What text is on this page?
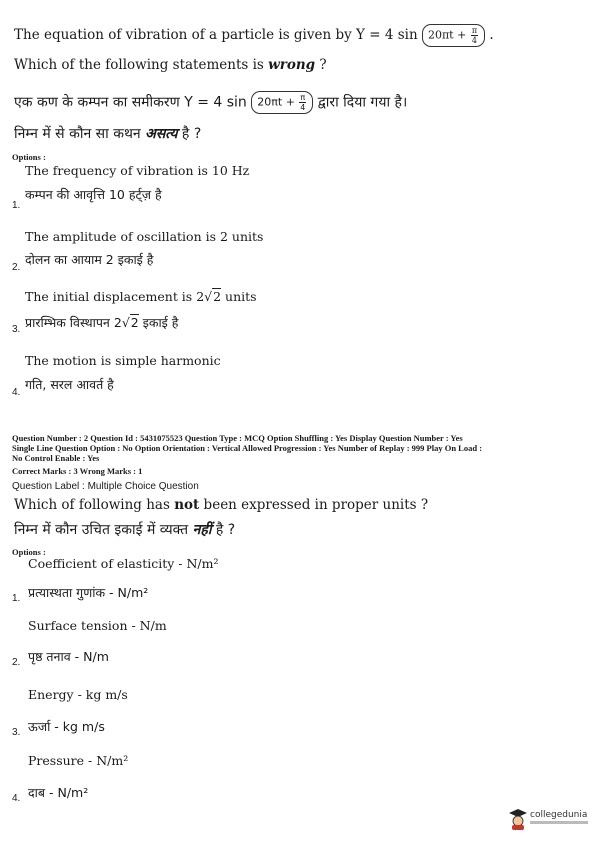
The equation of vibration of a particle is given by Y = 4 $\sin 20\pi t + \frac{\pi}{4}$ .
Which of the following statements is wrong ?
एक कण के कम्पन का समीकरण Y = 4 $\sin 20\pi t + \frac{\pi}{4}$ द्वारा दिया गया है।
निम्न में से कौन सा कथन असत्य है ?
Options :
The frequency of vibration is 10 Hz
कम्पन की आवृत्ति 10 हर्ट्ज़ है
1.
The amplitude of oscillation is 2 units
दोलन का आयाम 2 इकाई है
2.
The initial displacement is 2√2 units
प्रारम्भिक विस्थापन 2√2 इकाई है
3.
The motion is simple harmonic
गति, सरल आवर्त है
4.
Question Number : 2 Question Id : 5431075523 Question Type : MCQ Option Shuffling : Yes Display Question Number : Yes
Single Line Question Option : No Option Orientation : Vertical Allowed Progression : Yes Number of Replay : 999 Play On Load :
No Control Enable : Yes
Correct Marks : 3 Wrong Marks : 1
Question Label : Multiple Choice Question
Which of following has not been expressed in proper units ?
निम्न में कौन उचित इकाई में व्यक्त नहीं है ?
Options :
Coefficient of elasticity - N/m²
प्रत्यास्थता गुणांक - N/m²
1.
Surface tension - N/m
पृष्ठ तनाव - N/m
2.
Energy - kg m/s
ऊर्जा - kg m/s
3.
Pressure - N/m²
दाब - N/m²
4.
collegedunia
